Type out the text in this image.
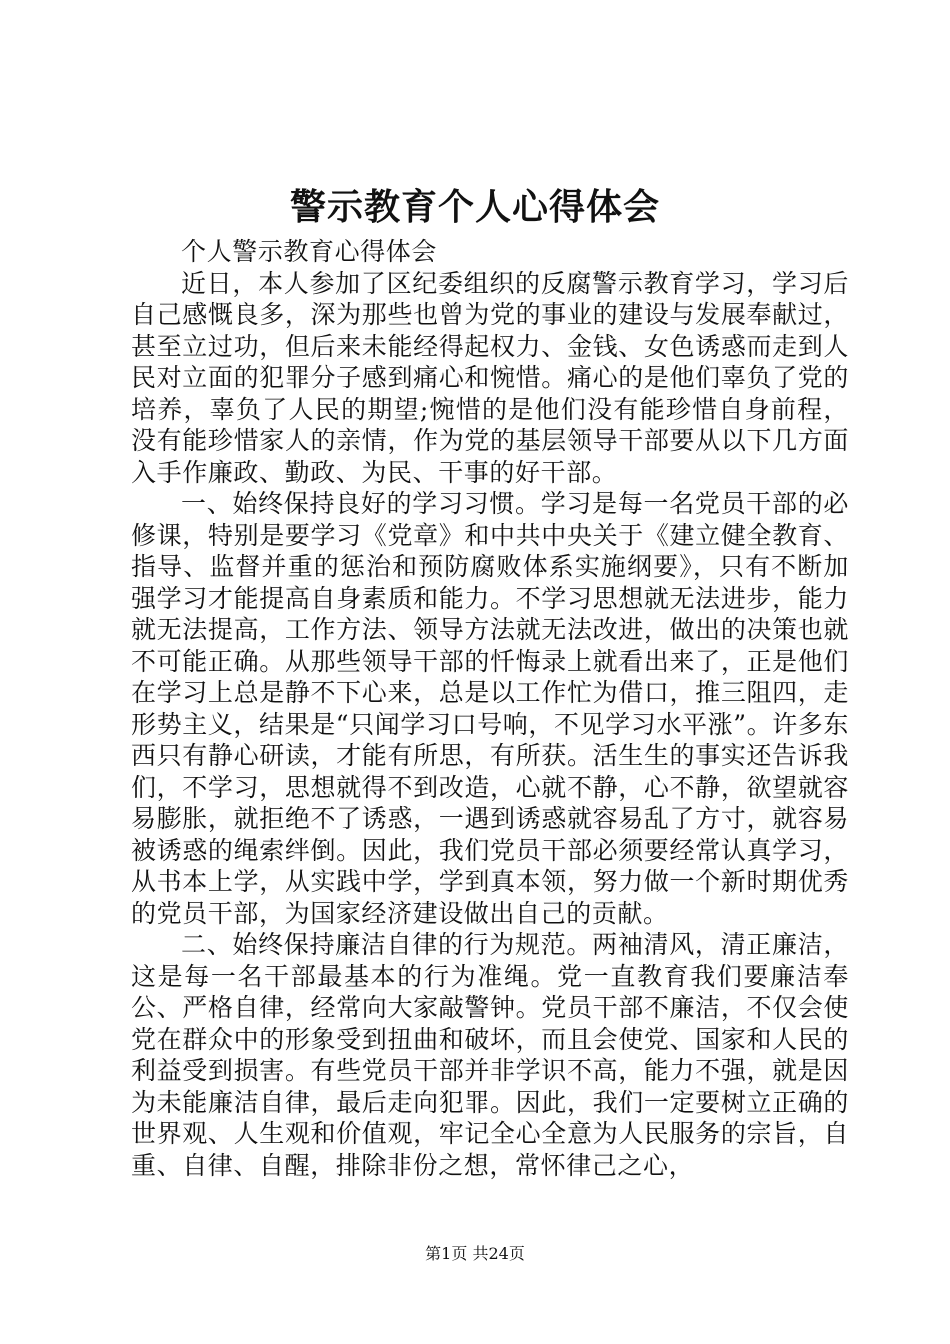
警示教育个人心得体会

个人警示教育心得体会

近日，本人参加了区纪委组织的反腐警示教育学习，学习后自己感慨良多，深为那些也曾为党的事业的建设与发展奉献过，甚至立过功，但后来未能经得起权力、金钱、女色诱惑而走到人民对立面的犯罪分子感到痛心和惋惜。痛心的是他们辜负了党的培养，辜负了人民的期望;惋惜的是他们没有能珍惜自身前程，没有能珍惜家人的亲情，作为党的基层领导干部要从以下几方面入手作廉政、勤政、为民、干事的好干部。

一、始终保持良好的学习习惯。学习是每一名党员干部的必修课，特别是要学习《党章》和中共中央关于《建立健全教育、指导、监督并重的惩治和预防腐败体系实施纲要》，只有不断加强学习才能提高自身素质和能力。不学习思想就无法进步，能力就无法提高，工作方法、领导方法就无法改进，做出的决策也就不可能正确。从那些领导干部的忏悔录上就看出来了，正是他们在学习上总是静不下心来，总是以工作忙为借口，推三阻四，走形势主义，结果是“只闻学习口号响，不见学习水平涨”。许多东西只有静心研读，才能有所思，有所获。活生生的事实还告诉我们，不学习，思想就得不到改造，心就不静，心不静，欲望就容易膨胀，就拒绝不了诱惑，一遇到诱惑就容易乱了方寸，就容易被诱惑的绳索绊倒。因此，我们党员干部必须要经常认真学习，从书本上学，从实践中学，学到真本领，努力做一个新时期优秀的党员干部，为国家经济建设做出自己的贡献。

二、始终保持廉洁自律的行为规范。两袖清风，清正廉洁，这是每一名干部最基本的行为准绳。党一直教育我们要廉洁奉公、严格自律，经常向大家敲警钟。党员干部不廉洁，不仅会使党在群众中的形象受到扭曲和破坏，而且会使党、国家和人民的利益受到损害。有些党员干部并非学识不高，能力不强，就是因为未能廉洁自律，最后走向犯罪。因此，我们一定要树立正确的世界观、人生观和价值观，牢记全心全意为人民服务的宗旨，自重、自律、自醒，排除非份之想，常怀律己之心，

第1页 共24页
